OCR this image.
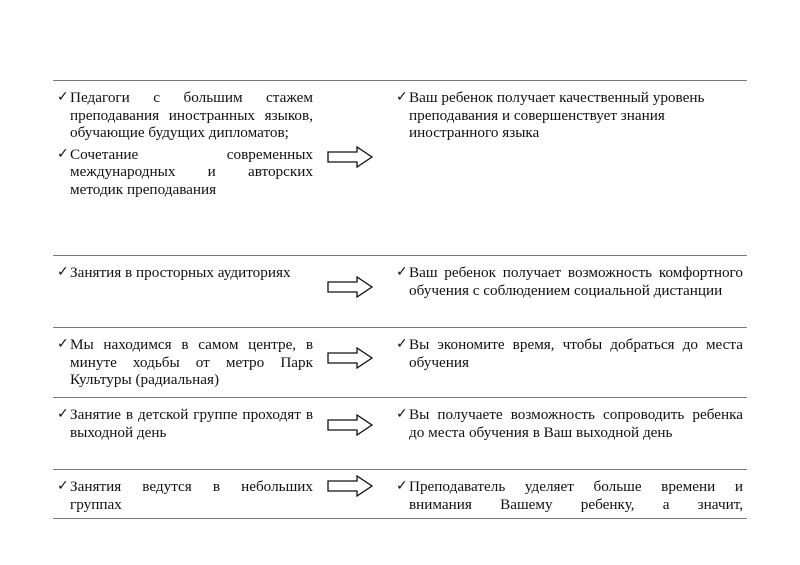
✓ Педагоги с большим стажем преподавания иностранных языков, обучающие будущих дипломатов;
✓ Сочетание современных международных и авторских методик преподавания
✓ Ваш ребенок получает качественный уровень преподавания и совершенствует знания иностранного языка
✓ Занятия в просторных аудиториях	✓ Ваш ребенок получает возможность комфортного обучения с соблюдением социальной дистанции
✓ Мы находимся в самом центре, в минуте ходьбы от метро Парк Культуры (радиальная)
✓ Вы экономите время, чтобы добраться до места обучения
✓ Занятие в детской группе проходят в выходной день
✓ Вы получаете возможность сопроводить ребенка до места обучения в Ваш выходной день
✓ Занятия ведутся в небольших группах
✓ Преподаватель уделяет больше времени и внимания Вашему ребенку, а значит,
